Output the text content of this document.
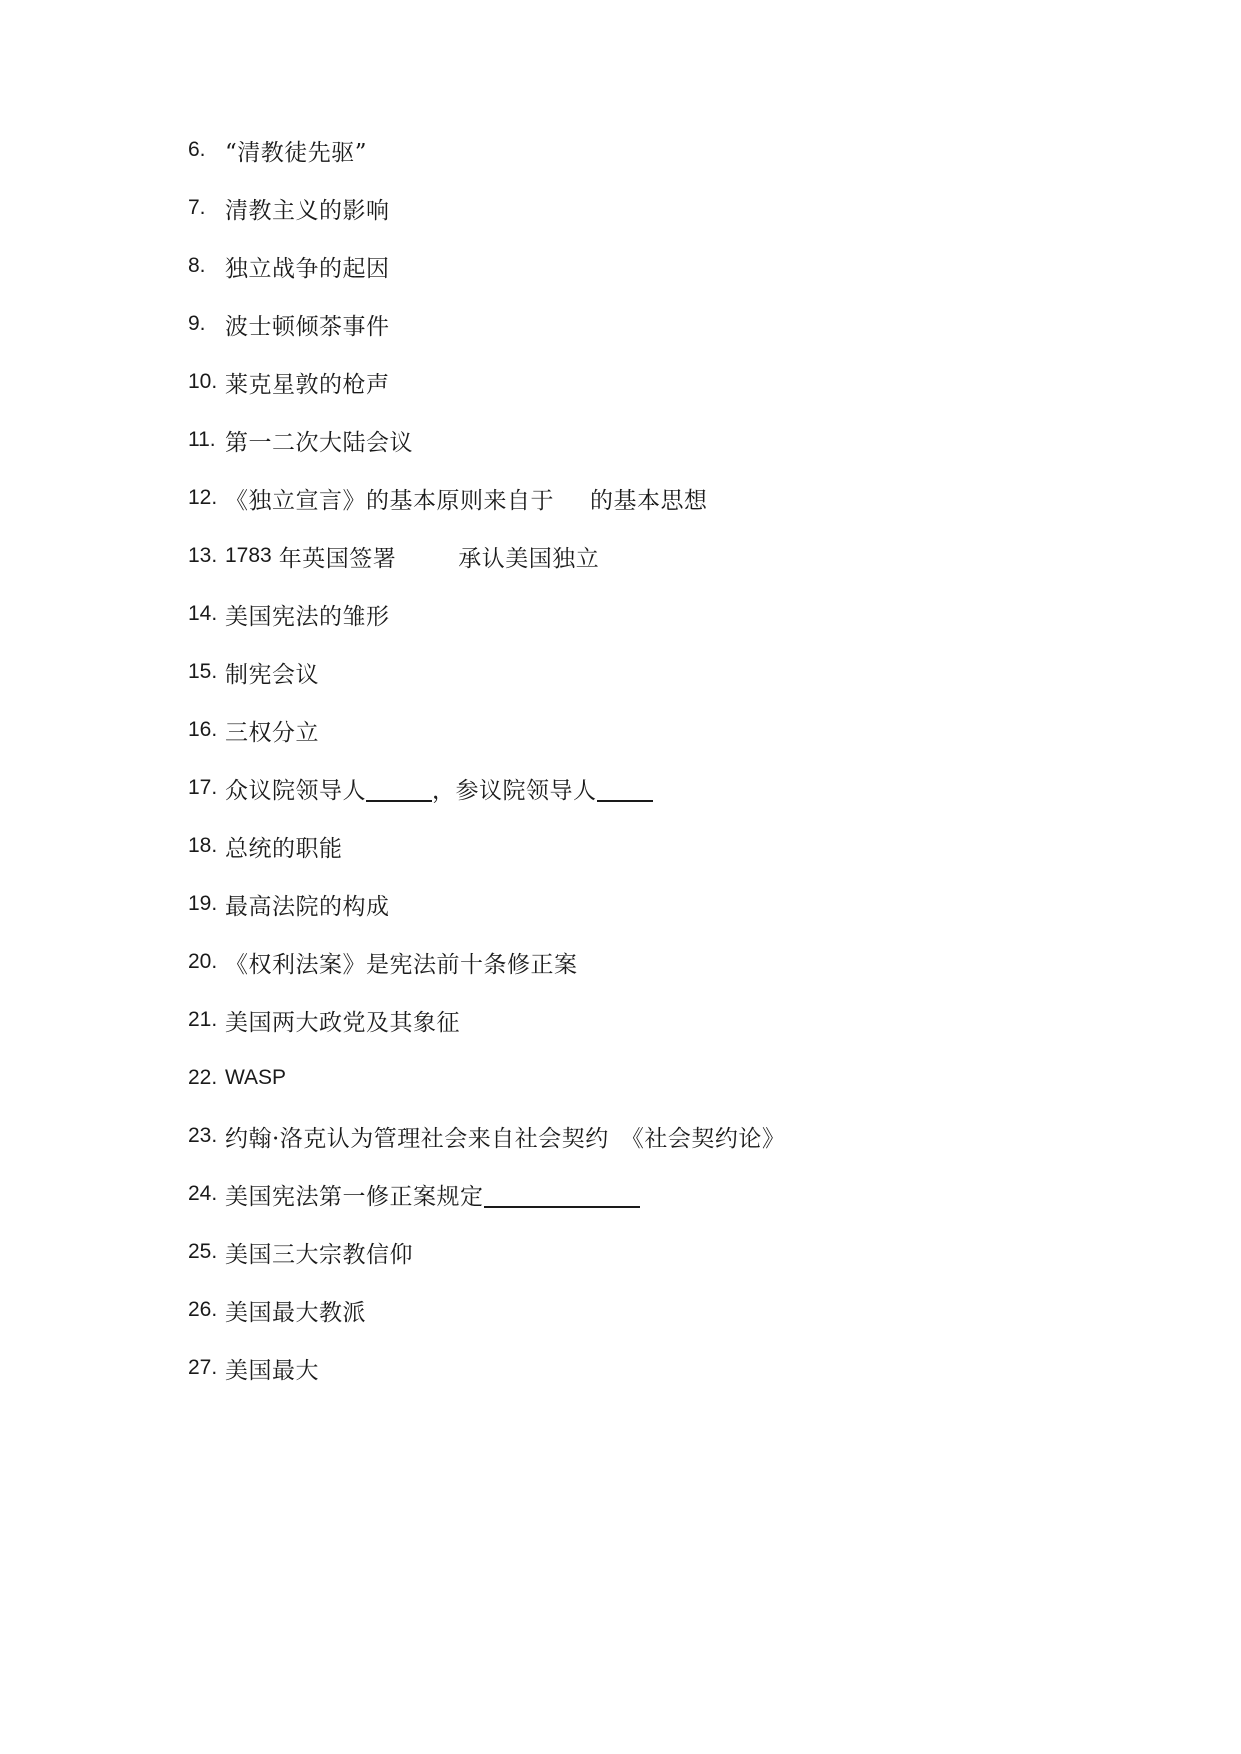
6. “清教徒先驱”
7. 清教主义的影响
8. 独立战争的起因
9. 波士顿倾茶事件
10. 莱克星敦的枪声
11. 第一二次大陆会议
12. 《独立宣言》的基本原则来自于 的基本思想
13. 1783 年英国签署	承认美国独立
14. 美国宪法的雏形
15. 制宪会议
16. 三权分立
17. 众议院领导人	，参议院领导人
18. 总统的职能
19. 最高法院的构成
20. 《权利法案》是宪法前十条修正案
21. 美国两大政党及其象征
22. WASP
23. 约翰·洛克认为管理社会来自社会契约 《社会契约论》
24. 美国宪法第一修正案规定
25. 美国三大宗教信仰
26. 美国最大教派
27. 美国最大
